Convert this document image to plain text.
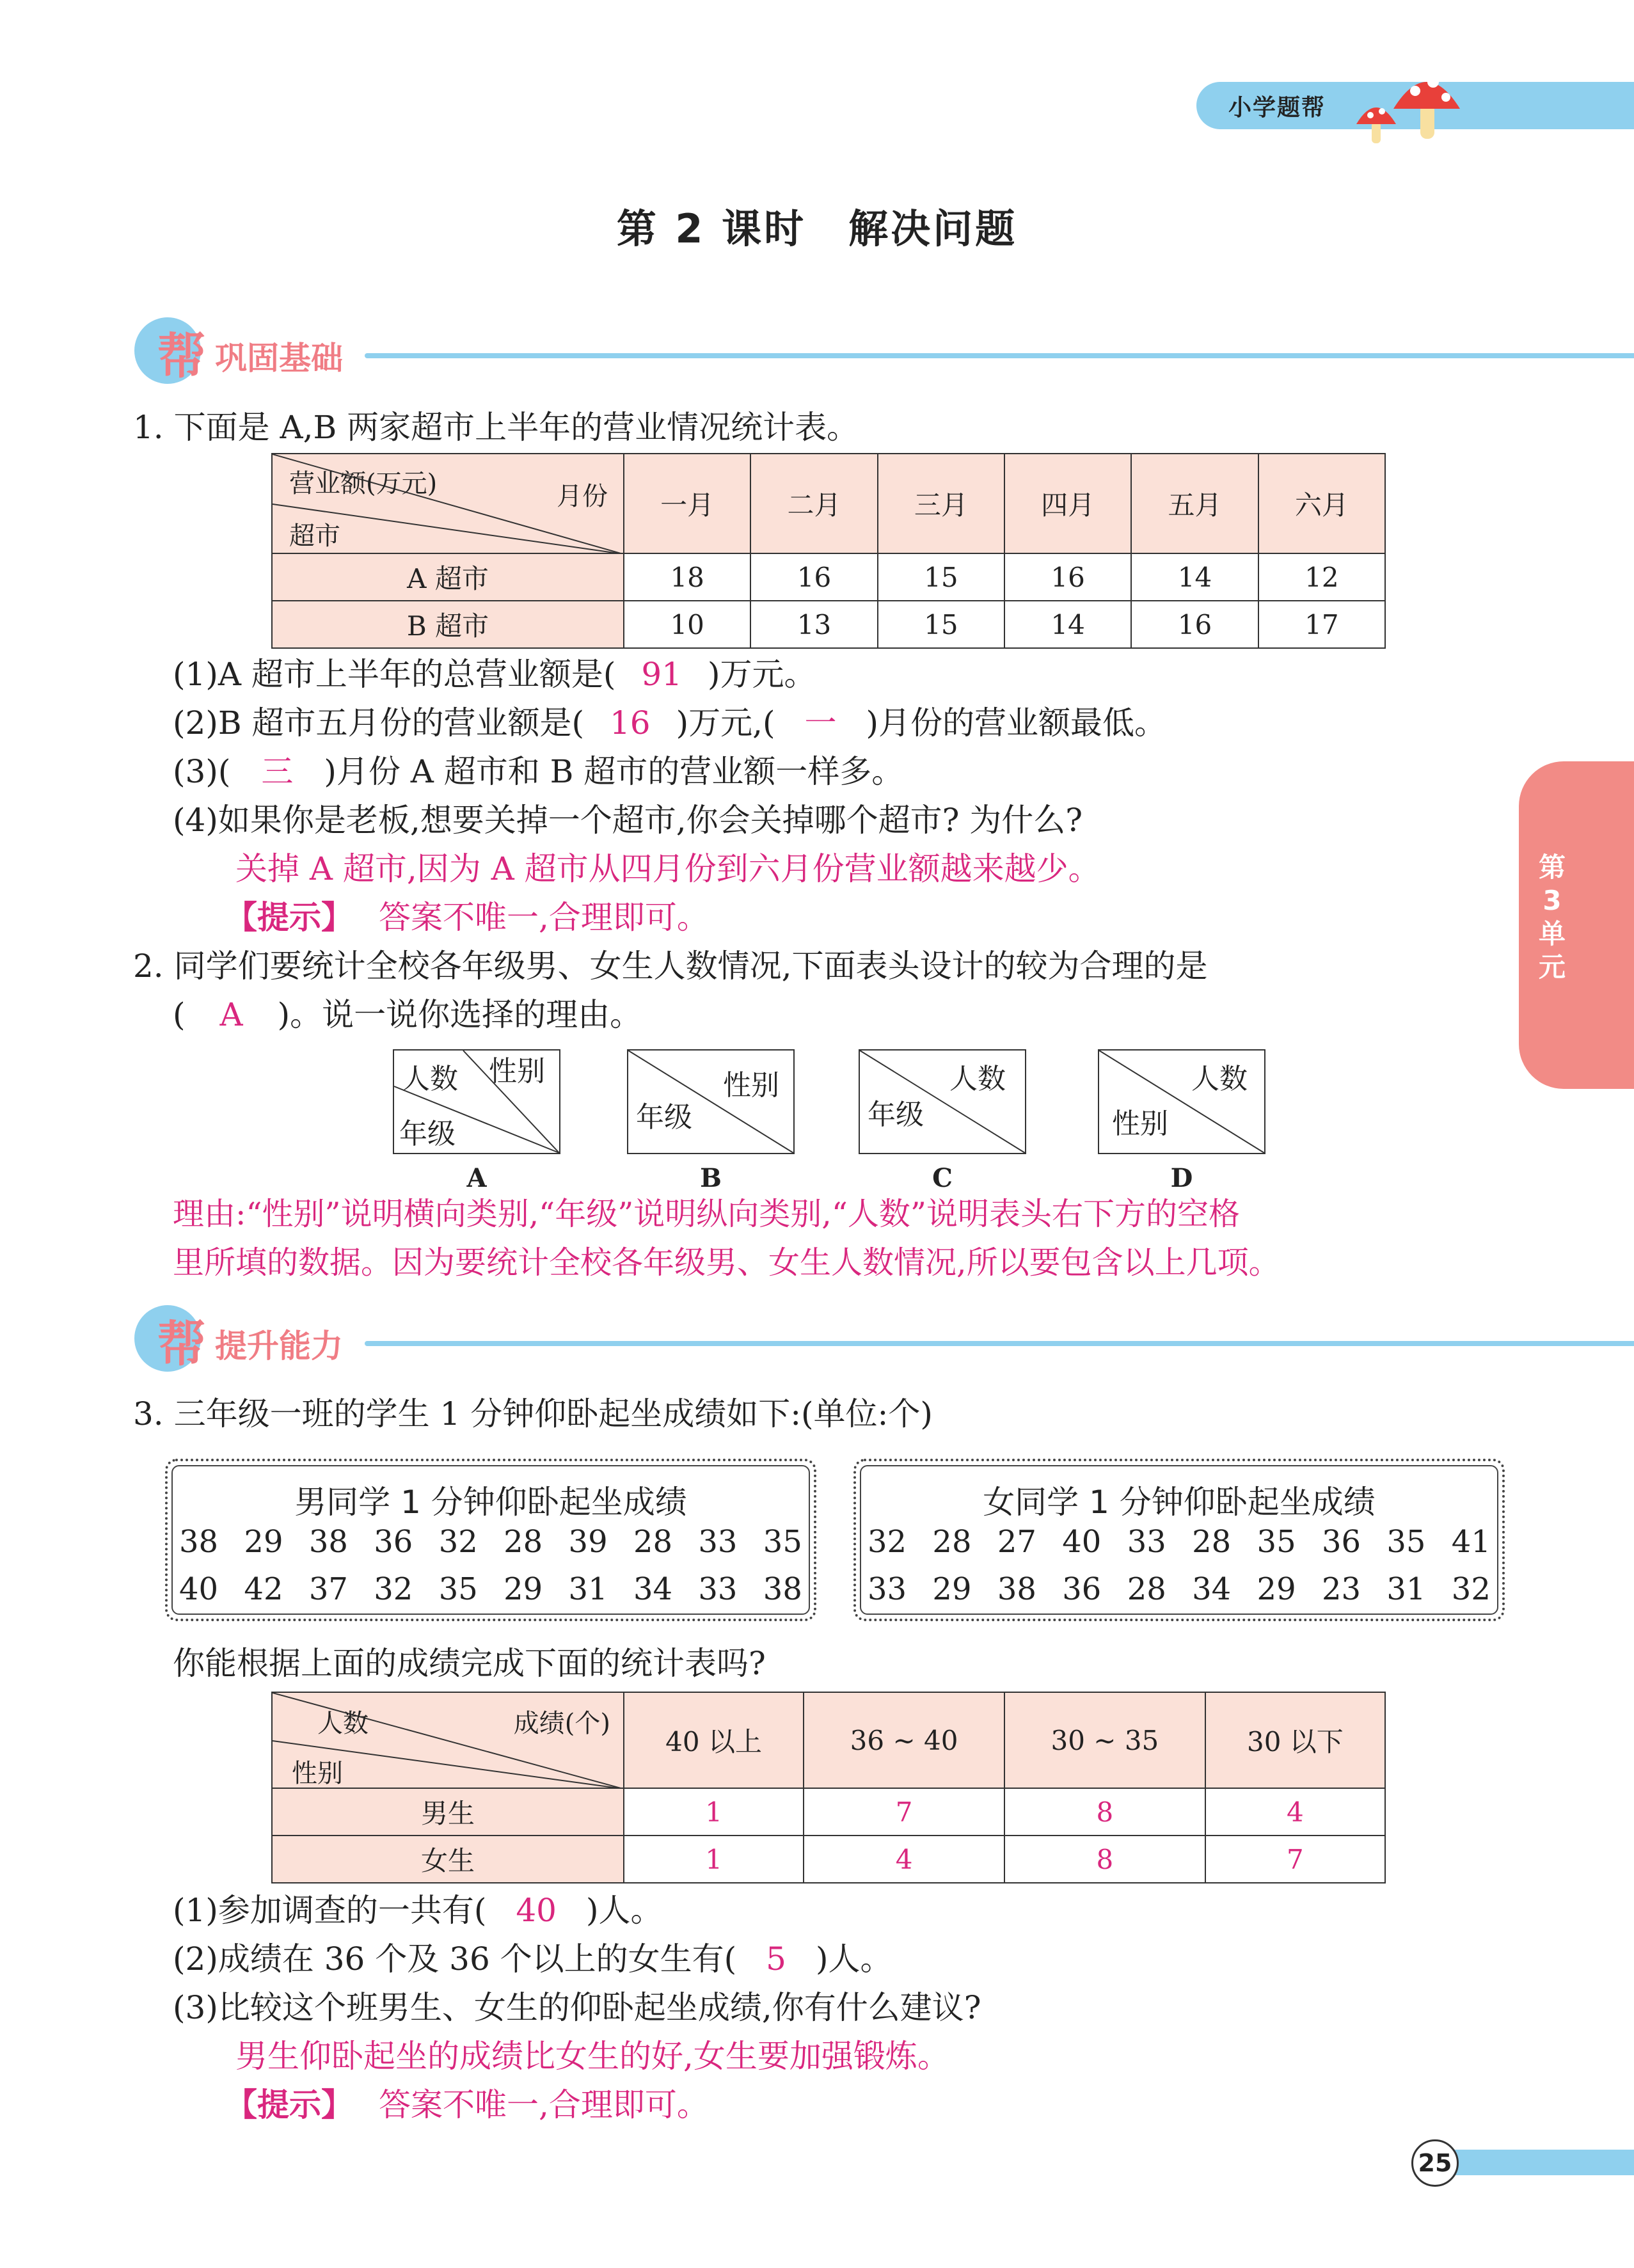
小学题帮
第 2 课时　解决问题
第3单元
帮 巩固基础
1. 下面是 A,B 两家超市上半年的营业情况统计表。
营业额(万元) 月份
超市	一月	二月	三月	四月	五月	六月
A 超市	18	16	15	16	14	12
B 超市	10	13	15	14	16	17
(1)A 超市上半年的总营业额是( 91 )万元。
(2)B 超市五月份的营业额是( 16 )万元,( 一 )月份的营业额最低。
(3)( 三 )月份 A 超市和 B 超市的营业额一样多。
(4)如果你是老板,想要关掉一个超市,你会关掉哪个超市? 为什么?
关掉 A 超市,因为 A 超市从四月份到六月份营业额越来越少。
【提示】 答案不唯一,合理即可。
2. 同学们要统计全校各年级男、女生人数情况,下面表头设计的较为合理的是
( A )。说一说你选择的理由。
人数 性别
年级
A
性别
年级
B
人数
年级
C
人数
性别
D
理由:“性别”说明横向类别,“年级”说明纵向类别,“人数”说明表头右下方的空格
里所填的数据。因为要统计全校各年级男、女生人数情况,所以要包含以上几项。
帮 提升能力
3. 三年级一班的学生 1 分钟仰卧起坐成绩如下:(单位:个)
男同学 1 分钟仰卧起坐成绩
38 29 38 36 32 28 39 28 33 35
40 42 37 32 35 29 31 34 33 38
女同学 1 分钟仰卧起坐成绩
32 28 27 40 33 28 35 36 35 41
33 29 38 36 28 34 29 23 31 32
你能根据上面的成绩完成下面的统计表吗?
人数 成绩(个)
性别	40 以上	36 ~ 40	30 ~ 35	30 以下
男生	1	7	8	4
女生	1	4	8	7
(1)参加调查的一共有( 40 )人。
(2)成绩在 36 个及 36 个以上的女生有( 5 )人。
(3)比较这个班男生、女生的仰卧起坐成绩,你有什么建议?
男生仰卧起坐的成绩比女生的好,女生要加强锻炼。
【提示】 答案不唯一,合理即可。
25
